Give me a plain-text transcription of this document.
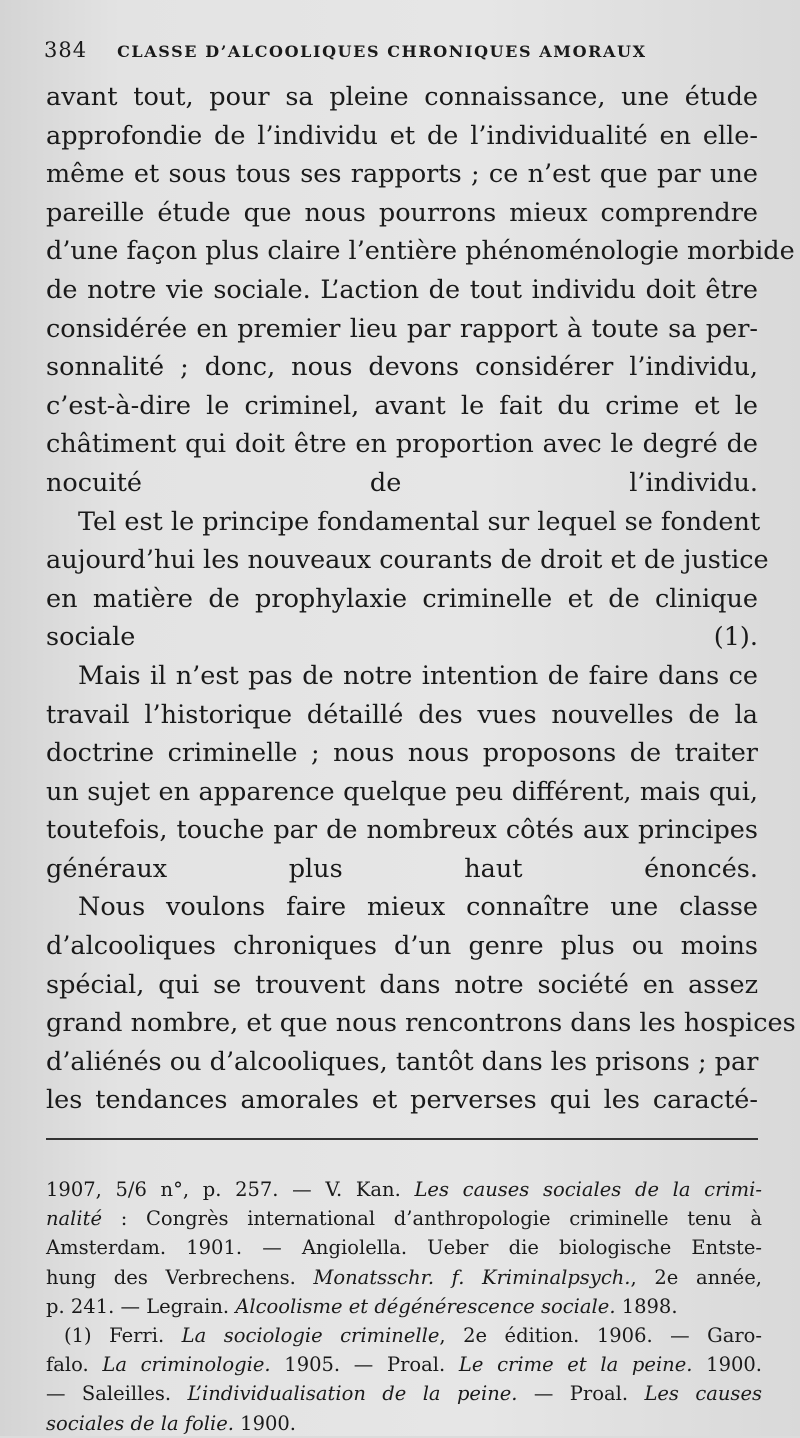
384 CLASSE D’ALCOOLIQUES CHRONIQUES AMORAUX

avant tout, pour sa pleine connaissance, une étude
approfondie de l’individu et de l’individualité en elle-
même et sous tous ses rapports ; ce n’est que par une
pareille étude que nous pourrons mieux comprendre
d’une façon plus claire l’entière phénoménologie morbide
de notre vie sociale. L’action de tout individu doit être
considérée en premier lieu par rapport à toute sa per-
sonnalité ; donc, nous devons considérer l’individu,
c’est-à-dire le criminel, avant le fait du crime et le
châtiment qui doit être en proportion avec le degré de
nocuité de l’individu.

Tel est le principe fondamental sur lequel se fondent
aujourd’hui les nouveaux courants de droit et de justice
en matière de prophylaxie criminelle et de clinique
sociale (1).

Mais il n’est pas de notre intention de faire dans ce
travail l’historique détaillé des vues nouvelles de la
doctrine criminelle ; nous nous proposons de traiter
un sujet en apparence quelque peu différent, mais qui,
toutefois, touche par de nombreux côtés aux principes
généraux plus haut énoncés.

Nous voulons faire mieux connaître une classe
d’alcooliques chroniques d’un genre plus ou moins
spécial, qui se trouvent dans notre société en assez
grand nombre, et que nous rencontrons dans les hospices
d’aliénés ou d’alcooliques, tantôt dans les prisons ; par
les tendances amorales et perverses qui les caracté-

1907, 5/6 n°, p. 257. — V. Kan. Les causes sociales de la crimi-
nalité : Congrès international d’anthropologie criminelle tenu à
Amsterdam. 1901. — Angiolella. Ueber die biologische Entste-
hung des Verbrechens. Monatsschr. f. Kriminalpsych., 2e année,
p. 241. — Legrain. Alcoolisme et dégénérescence sociale. 1898.
(1) Ferri. La sociologie criminelle, 2e édition. 1906. — Garo-
falo. La criminologie. 1905. — Proal. Le crime et la peine. 1900.
— Saleilles. L’individualisation de la peine. — Proal. Les causes
sociales de la folie. 1900.
